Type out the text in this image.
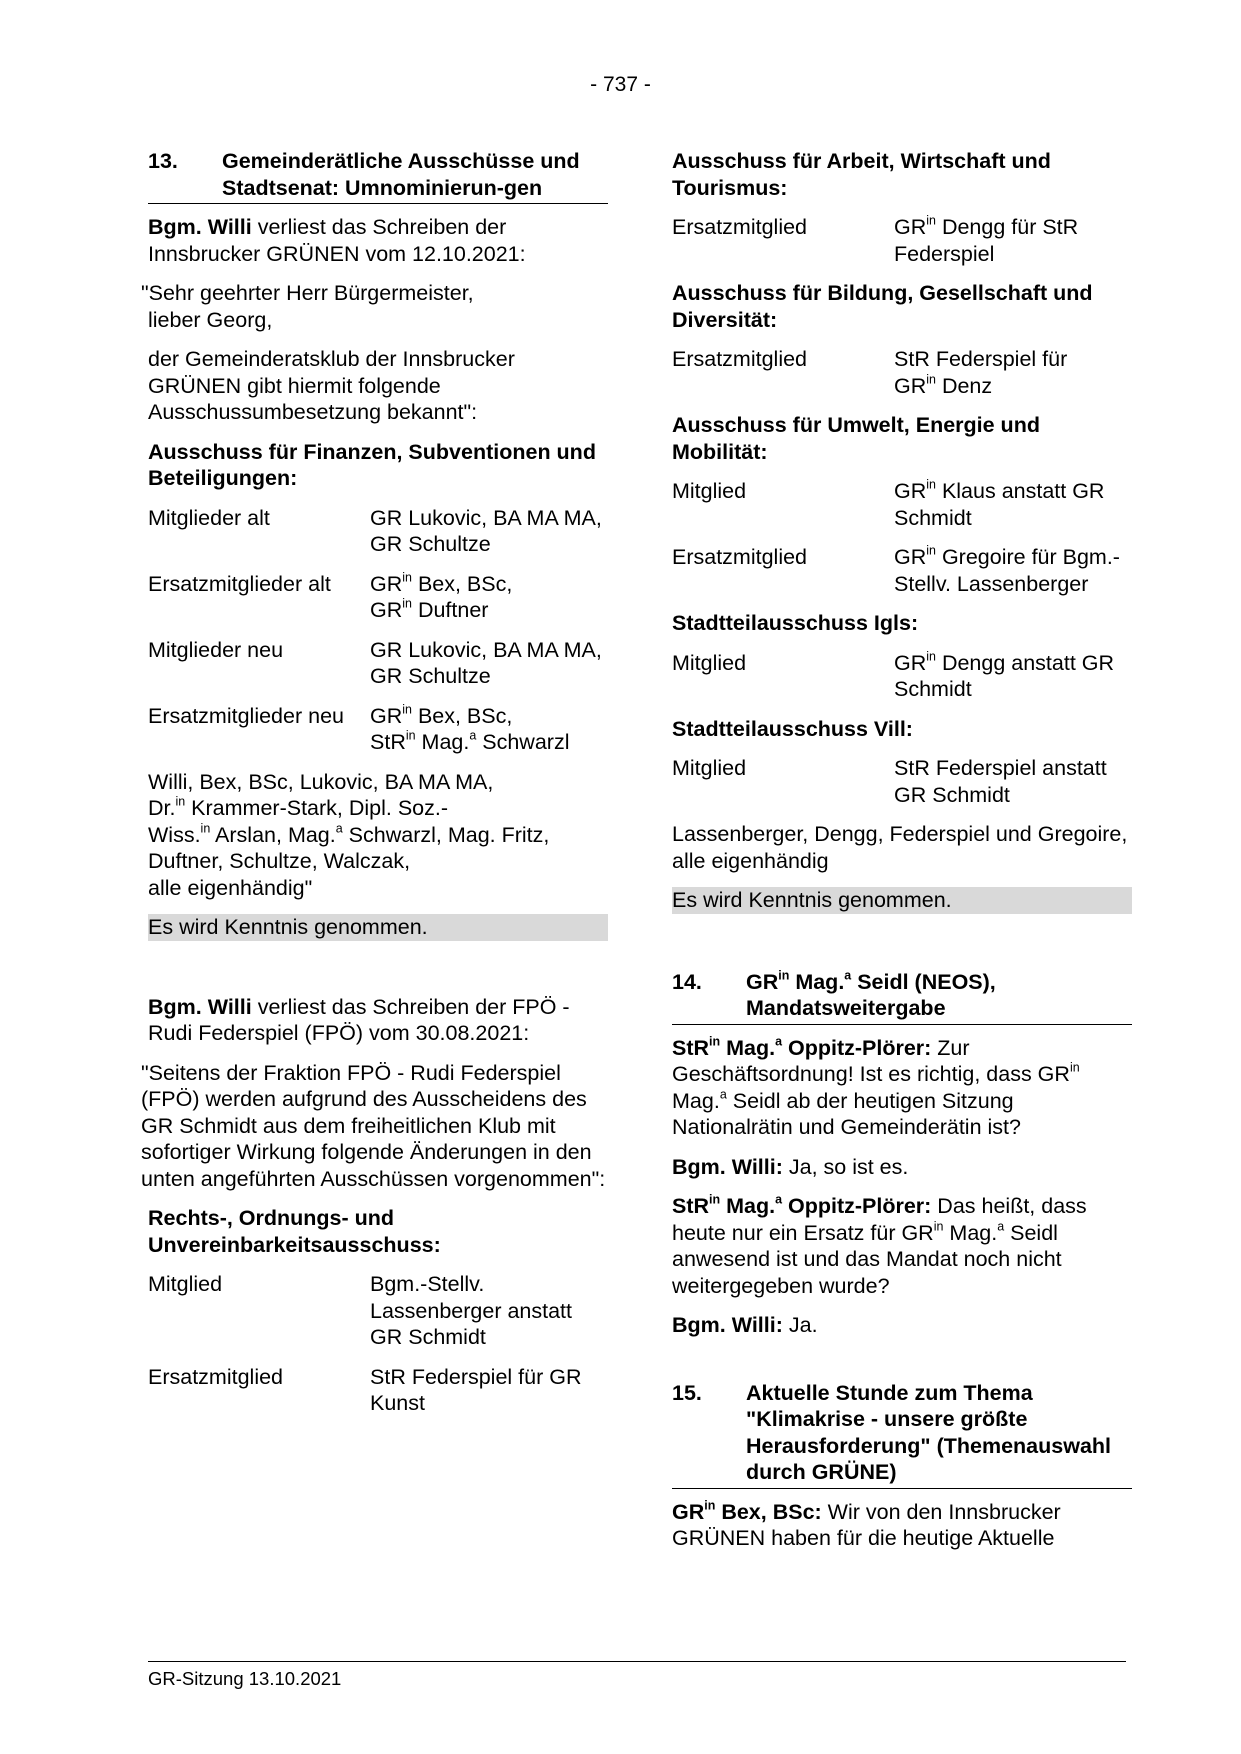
- 737 -
13.	Gemeinderätliche Ausschüsse und Stadtsenat: Umnominierun-gen

Bgm. Willi verliest das Schreiben der Innsbrucker GRÜNEN vom 12.10.2021:

"Sehr geehrter Herr Bürgermeister,

lieber Georg,

der Gemeinderatsklub der Innsbrucker GRÜNEN gibt hiermit folgende Ausschussumbesetzung bekannt":

Ausschuss für Finanzen, Subventionen und Beteiligungen:
Mitglieder alt	GR Lukovic, BA MA MA, GR Schultze
Ersatzmitglieder alt	$GR^{in}$ Bex, BSc,
$GR^{in}$ Duftner
Mitglieder neu	GR Lukovic, BA MA MA, GR Schultze
Ersatzmitglieder neu	$GR^{in}$ Bex, BSc,
StR$^{in}$ Mag.$^a$ Schwarzl

Willi, Bex, BSc, Lukovic, BA MA MA,
Dr.$^{in}$ Krammer-Stark, Dipl. Soz.-
Wiss.$^{in}$ Arslan, Mag.$^a$ Schwarzl, Mag. Fritz,
Duftner, Schultze, Walczak,
alle eigenhändig"

Es wird Kenntnis genommen.

Bgm. Willi verliest das Schreiben der FPÖ - Rudi Federspiel (FPÖ) vom 30.08.2021:

"Seitens der Fraktion FPÖ - Rudi Federspiel (FPÖ) werden aufgrund des Ausscheidens des GR Schmidt aus dem freiheitlichen Klub mit sofortiger Wirkung folgende Änderungen in den unten angeführten Ausschüssen vorgenommen":

Rechts-, Ordnungs- und Unvereinbarkeitsausschuss:
Mitglied	Bgm.-Stellv. Lassenberger anstatt GR Schmidt
Ersatzmitglied	StR Federspiel für GR Kunst
Ausschuss für Arbeit, Wirtschaft und Tourismus:
Ersatzmitglied	$GR^{in}$ Dengg für StR Federspiel
Ausschuss für Bildung, Gesellschaft und Diversität:
Ersatzmitglied	StR Federspiel für
$GR^{in}$ Denz
Ausschuss für Umwelt, Energie und Mobilität:
Mitglied	$GR^{in}$ Klaus anstatt GR Schmidt
Ersatzmitglied	$GR^{in}$ Gregoire für Bgm.-Stellv. Lassenberger
Stadtteilausschuss Igls:
Mitglied	$GR^{in}$ Dengg anstatt GR Schmidt
Stadtteilausschuss Vill:
Mitglied	StR Federspiel anstatt GR Schmidt

Lassenberger, Dengg, Federspiel und Gregoire,
alle eigenhändig

Es wird Kenntnis genommen.
14.	$GR^{in}$ Mag.$^a$ Seidl (NEOS), Mandatsweitergabe

StR$^{in}$ Mag.$^a$ Oppitz-Plörer: Zur Geschäftsordnung! Ist es richtig, dass $GR^{in}$ Mag.$^a$ Seidl ab der heutigen Sitzung Nationalrätin und Gemeinderätin ist?

Bgm. Willi: Ja, so ist es.

StR$^{in}$ Mag.$^a$ Oppitz-Plörer: Das heißt, dass heute nur ein Ersatz für $GR^{in}$ Mag.$^a$ Seidl anwesend ist und das Mandat noch nicht weitergegeben wurde?

Bgm. Willi: Ja.

15.	Aktuelle Stunde zum Thema "Klimakrise - unsere größte Herausforderung" (Themenauswahl durch GRÜNE)

$GR^{in}$ Bex, BSc: Wir von den Innsbrucker GRÜNEN haben für die heutige Aktuelle

GR-Sitzung 13.10.2021
